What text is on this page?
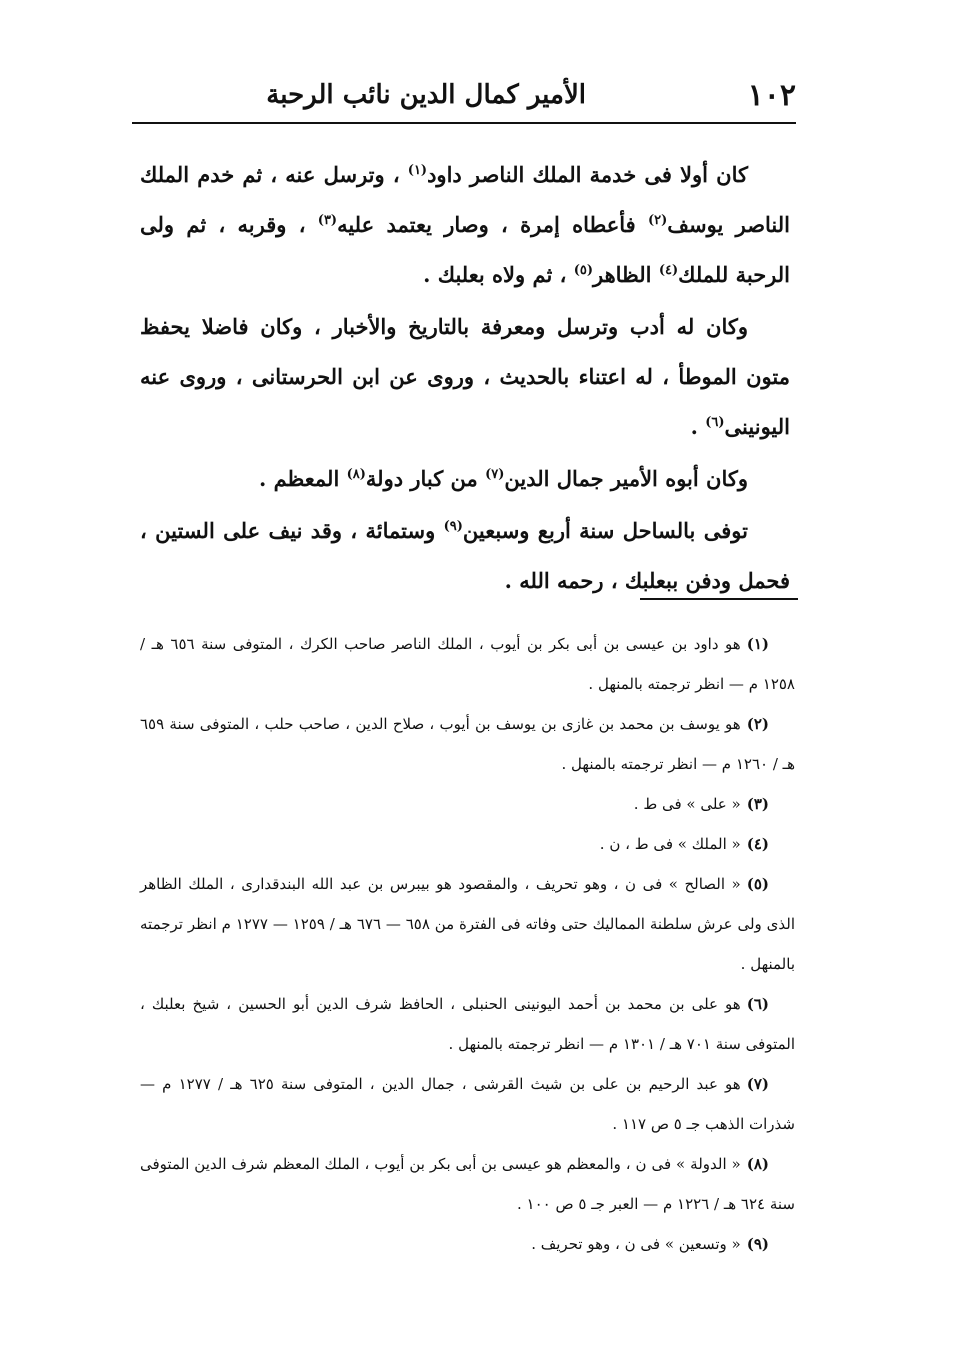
١٠٢
الأمير كمال الدين نائب الرحبة

كان أولا فى خدمة الملك الناصر داود$^{(١)}$ ، وترسل عنه ، ثم خدم الملك الناصر يوسف$^{(٢)}$ فأعطاه إمرة ، وصار يعتمد عليه$^{(٣)}$ ، وقربه ، ثم ولى الرحبة للملك$^{(٤)}$ الظاهر$^{(٥)}$ ، ثم ولاه بعلبك .

وكان له أدب وترسل ومعرفة بالتاريخ والأخبار ، وكان فاضلا يحفظ متون الموطأ ، له اعتناء بالحديث ، وروى عن ابن الحرستانى ، وروى عنه اليونينى$^{(٦)}$ .

وكان أبوه الأمير جمال الدين$^{(٧)}$ من كبار دولة$^{(٨)}$ المعظم .

توفى بالساحل سنة أربع وسبعين$^{(٩)}$ وستمائة ، وقد نيف على الستين ، فحمل ودفن ببعلبك ، رحمه الله .

(١)هو داود بن عيسى بن أبى بكر بن أيوب ، الملك الناصر صاحب الكرك ، المتوفى سنة ٦٥٦ هـ / ١٢٥٨ م — انظر ترجمته بالمنهل .

(٢)هو يوسف بن محمد بن غازى بن يوسف بن أيوب ، صلاح الدين ، صاحب حلب ، المتوفى سنة ٦٥٩ هـ / ١٢٦٠ م — انظر ترجمته بالمنهل .

(٣)« على » فى ط .

(٤)« الملك » فى ط ، ن .

(٥)« الصالح » فى ن ، وهو تحريف ، والمقصود هو بيبرس بن عبد الله البندقدارى ، الملك الظاهر الذى ولى عرش سلطنة المماليك حتى وفاته فى الفترة من ٦٥٨ — ٦٧٦ هـ / ١٢٥٩ — ١٢٧٧ م انظر ترجمته بالمنهل .

(٦)هو على بن محمد بن أحمد اليونينى الحنبلى ، الحافظ شرف الدين أبو الحسين ، شيخ بعلبك ، المتوفى سنة ٧٠١ هـ / ١٣٠١ م — انظر ترجمته بالمنهل .

(٧)هو عبد الرحيم بن على بن شيث القرشى ، جمال الدين ، المتوفى سنة ٦٢٥ هـ / ١٢٧٧ م — شذرات الذهب جـ ٥ ص ١١٧ .

(٨)« الدولة » فى ن ، والمعظم هو عيسى بن أبى بكر بن أيوب ، الملك المعظم شرف الدين المتوفى سنة ٦٢٤ هـ / ١٢٢٦ م — العبر جـ ٥ ص ١٠٠ .

(٩)« وتسعين » فى ن ، وهو تحريف .
